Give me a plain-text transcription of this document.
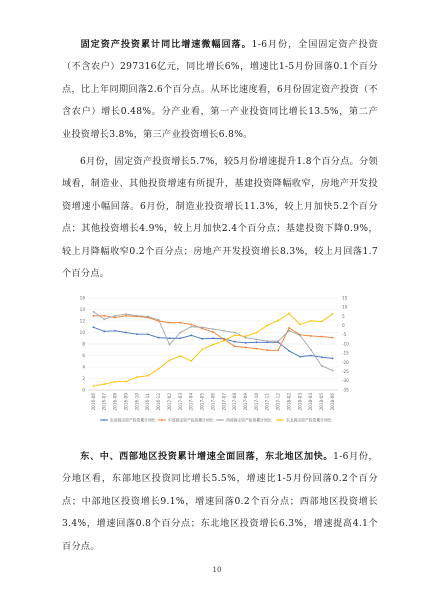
固定资产投资累计同比增速微幅回落。1-6月份，全国固定资产投资（不含农户）297316亿元，同比增长6%，增速比1-5月份回落0.1个百分点，比上年同期回落2.6个百分点。从环比速度看，6月份固定资产投资（不含农户）增长0.48%。分产业看，第一产业投资同比增长13.5%，第二产业投资增长3.8%，第三产业投资增长6.8%。

6月份，固定资产投资增长5.7%，较5月份增速提升1.8个百分点。分领域看，制造业、其他投资增速有所提升，基建投资降幅收窄，房地产开发投资增速小幅回落。6月份，制造业投资增长11.3%，较上月加快5.2个百分点；其他投资增长4.9%，较上月加快2.4个百分点；基建投资下降0.9%，较上月降幅收窄0.2个百分点；房地产开发投资增长8.3%，较上月回落1.7个百分点。

0
2
4
6
8
10
12
14
16	15
10
5
0
-5
-10
-15
-20
-25
-30
-35
2016-06 2016-07 2016-08 2016-09 2016-10 2016-11 2016-12 2017-02 2017-03 2017-04 2017-05 2017-06 2017-07 2017-08 2017-09 2017-10 2017-11 2017-12 2018-02 2018-03 2018-04 2018-05 2018-06
东部固定资产投资累计同比	中部固定资产投资累计同比	西部固定资产投资累计同比	东北固定资产投资累计同比

东、中、西部地区投资累计增速全面回落，东北地区加快。1-6月份，分地区看，东部地区投资同比增长5.5%，增速比1-5月份回落0.2个百分点；中部地区投资增长9.1%，增速回落0.2个百分点；西部地区投资增长3.4%，增速回落0.8个百分点；东北地区投资增长6.3%，增速提高4.1个百分点。

10
